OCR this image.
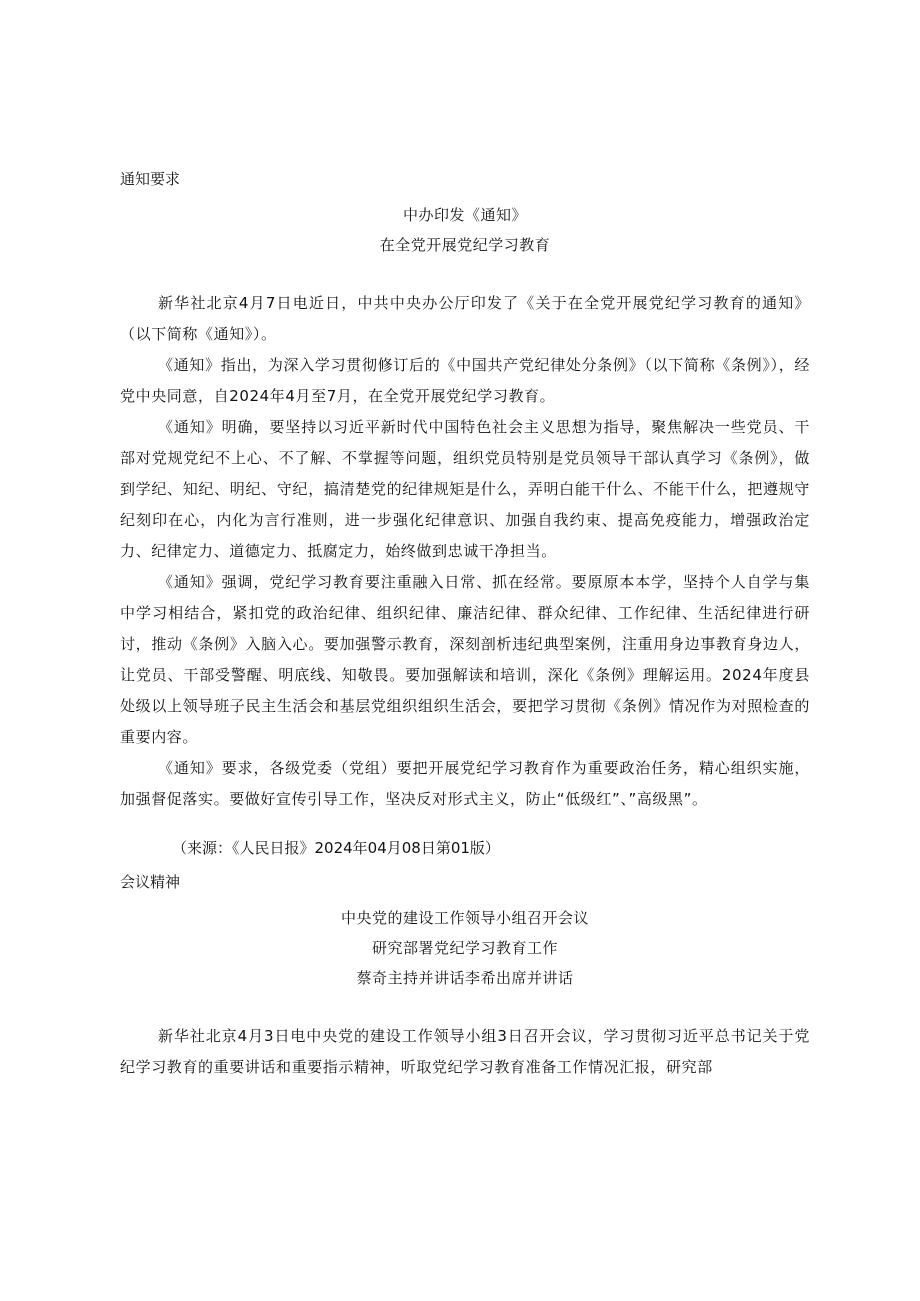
通知要求

中办印发《通知》

在全党开展党纪学习教育

新华社北京4月7日电近日，中共中央办公厅印发了《关于在全党开展党纪学习教育的通知》（以下简称《通知》）。

《通知》指出，为深入学习贯彻修订后的《中国共产党纪律处分条例》（以下简称《条例》），经党中央同意，自2024年4月至7月，在全党开展党纪学习教育。

《通知》明确，要坚持以习近平新时代中国特色社会主义思想为指导，聚焦解决一些党员、干部对党规党纪不上心、不了解、不掌握等问题，组织党员特别是党员领导干部认真学习《条例》，做到学纪、知纪、明纪、守纪，搞清楚党的纪律规矩是什么，弄明白能干什么、不能干什么，把遵规守纪刻印在心，内化为言行准则，进一步强化纪律意识、加强自我约束、提高免疫能力，增强政治定力、纪律定力、道德定力、抵腐定力，始终做到忠诚干净担当。

《通知》强调，党纪学习教育要注重融入日常、抓在经常。要原原本本学，坚持个人自学与集中学习相结合，紧扣党的政治纪律、组织纪律、廉洁纪律、群众纪律、工作纪律、生活纪律进行研讨，推动《条例》入脑入心。要加强警示教育，深刻剖析违纪典型案例，注重用身边事教育身边人，让党员、干部受警醒、明底线、知敬畏。要加强解读和培训，深化《条例》理解运用。2024年度县处级以上领导班子民主生活会和基层党组织组织生活会，要把学习贯彻《条例》情况作为对照检查的重要内容。

《通知》要求，各级党委（党组）要把开展党纪学习教育作为重要政治任务，精心组织实施，加强督促落实。要做好宣传引导工作，坚决反对形式主义，防止“低级红”、”高级黑”。

（来源：《人民日报》2024年04月08日第01版）

会议精神

中央党的建设工作领导小组召开会议

研究部署党纪学习教育工作

蔡奇主持并讲话李希出席并讲话

新华社北京4月3日电中央党的建设工作领导小组3日召开会议，学习贯彻习近平总书记关于党纪学习教育的重要讲话和重要指示精神，听取党纪学习教育准备工作情况汇报，研究部
